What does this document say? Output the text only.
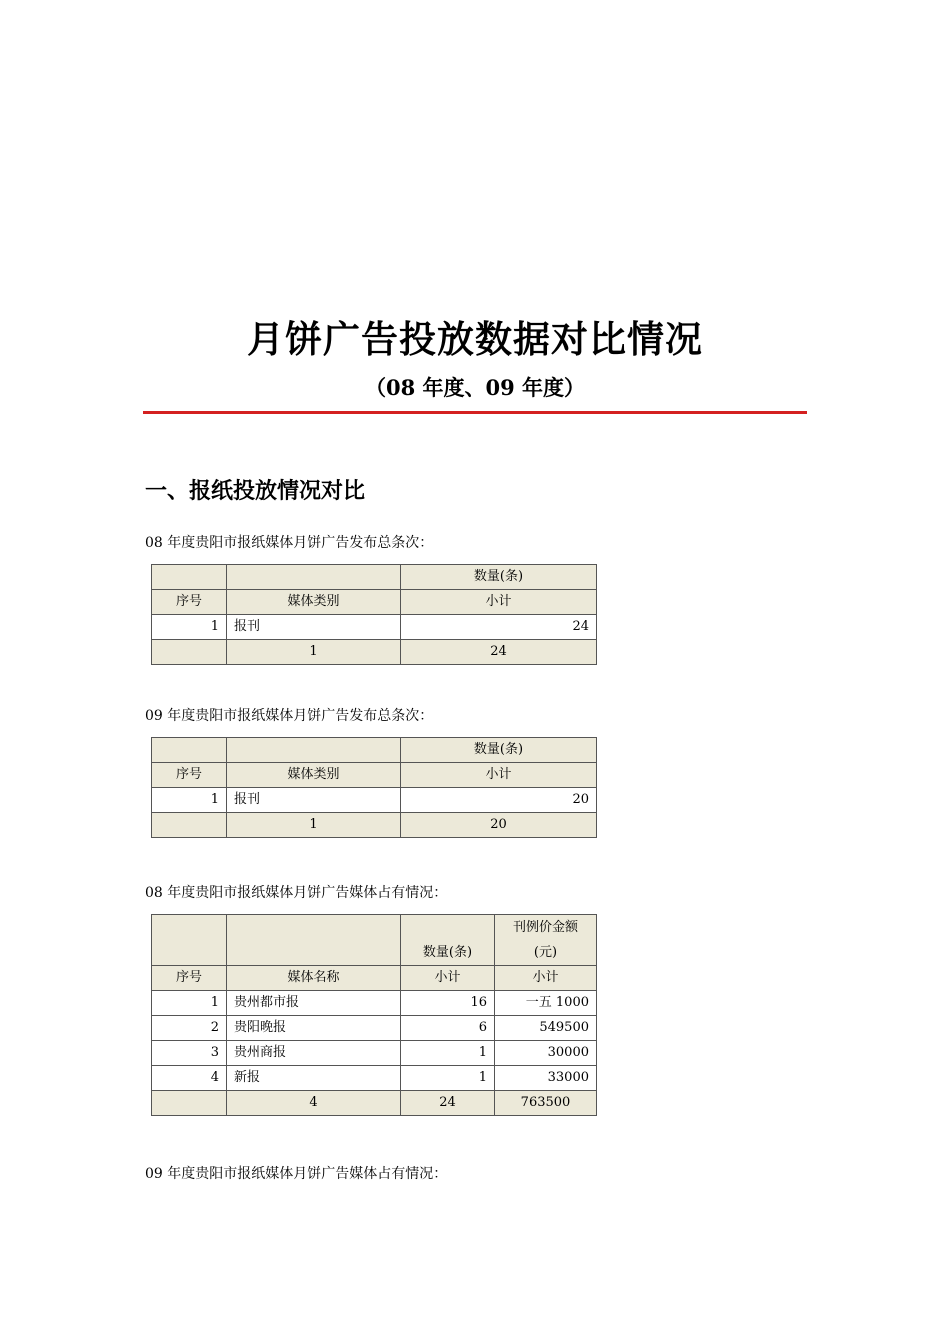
月饼广告投放数据对比情况
（08 年度、09 年度）
一、报纸投放情况对比
08 年度贵阳市报纸媒体月饼广告发布总条次：
		数量(条)
序号	媒体类别	小计
1	报刊	24
	1	24
09 年度贵阳市报纸媒体月饼广告发布总条次：
		数量(条)
序号	媒体类别	小计
1	报刊	20
	1	20
08 年度贵阳市报纸媒体月饼广告媒体占有情况：
		数量(条)	刊例价金额
(元)

序号	媒体名称	小计	小计
1	贵州都市报	16	一五 1000
2	贵阳晚报	6	549500
3	贵州商报	1	30000
4	新报	1	33000
	4	24	763500
09 年度贵阳市报纸媒体月饼广告媒体占有情况：
